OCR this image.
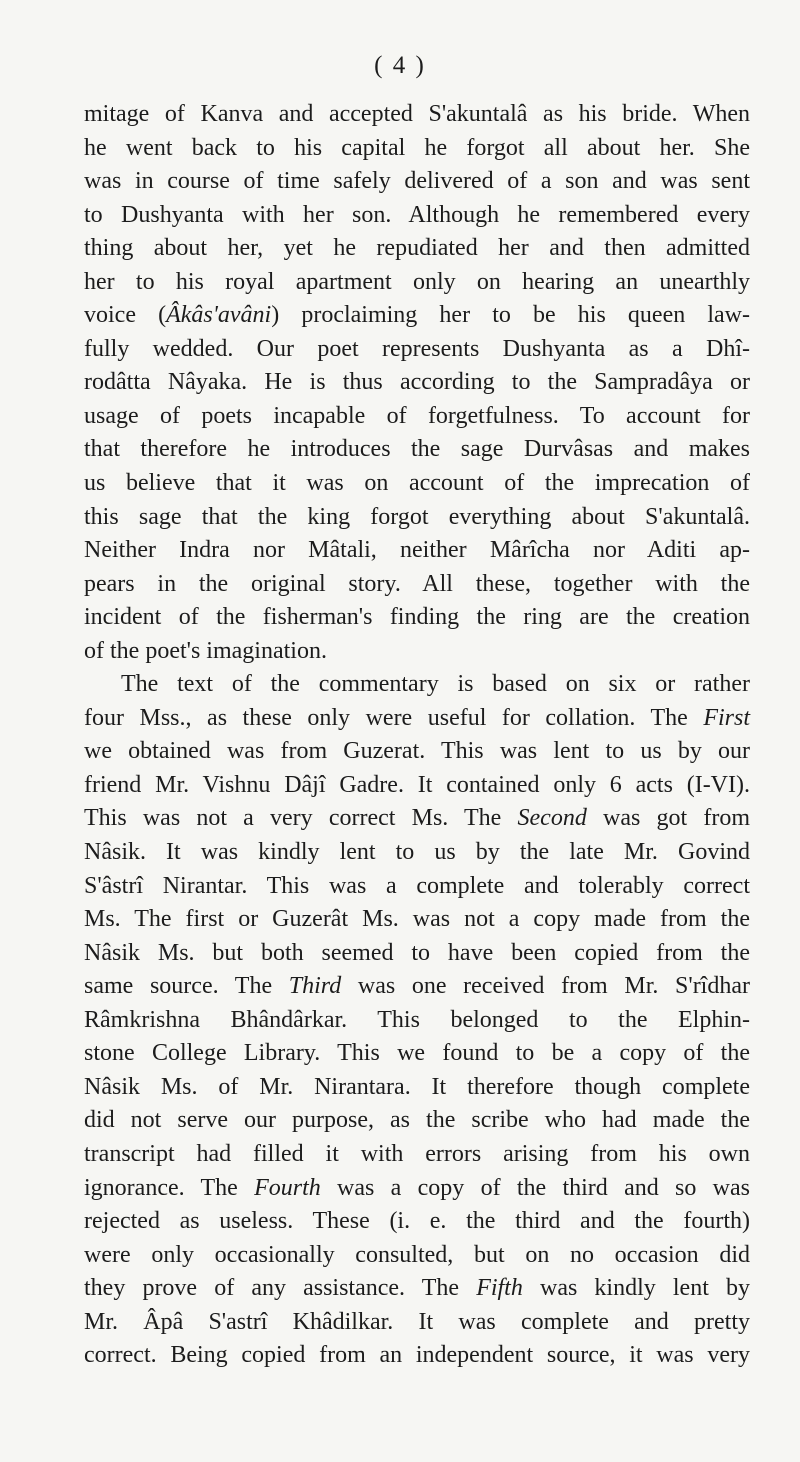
( 4 )
mitage of Kanva and accepted S'akuntalâ as his bride. When
he went back to his capital he forgot all about her. She
was in course of time safely delivered of a son and was sent
to Dushyanta with her son. Although he remembered every
thing about her, yet he repudiated her and then admitted
her to his royal apartment only on hearing an unearthly
voice (Âkâs'avâni) proclaiming her to be his queen law-
fully wedded. Our poet represents Dushyanta as a Dhî-
rodâtta Nâyaka. He is thus according to the Sampradâya or
usage of poets incapable of forgetfulness. To account for
that therefore he introduces the sage Durvâsas and makes
us believe that it was on account of the imprecation of
this sage that the king forgot everything about S'akuntalâ.
Neither Indra nor Mâtali, neither Mârîcha nor Aditi ap-
pears in the original story. All these, together with the
incident of the fisherman's finding the ring are the creation
of the poet's imagination.
The text of the commentary is based on six or rather
four Mss., as these only were useful for collation. The First
we obtained was from Guzerat. This was lent to us by our
friend Mr. Vishnu Dâjî Gadre. It contained only 6 acts (I-VI).
This was not a very correct Ms. The Second was got from
Nâsik. It was kindly lent to us by the late Mr. Govind
S'âstrî Nirantar. This was a complete and tolerably correct
Ms. The first or Guzerât Ms. was not a copy made from the
Nâsik Ms. but both seemed to have been copied from the
same source. The Third was one received from Mr. S'rîdhar
Râmkrishna Bhândârkar. This belonged to the Elphin-
stone College Library. This we found to be a copy of the
Nâsik Ms. of Mr. Nirantara. It therefore though complete
did not serve our purpose, as the scribe who had made the
transcript had filled it with errors arising from his own
ignorance. The Fourth was a copy of the third and so was
rejected as useless. These (i. e. the third and the fourth)
were only occasionally consulted, but on no occasion did
they prove of any assistance. The Fifth was kindly lent by
Mr. Âpâ S'astrî Khâdilkar. It was complete and pretty
correct. Being copied from an independent source, it was very
